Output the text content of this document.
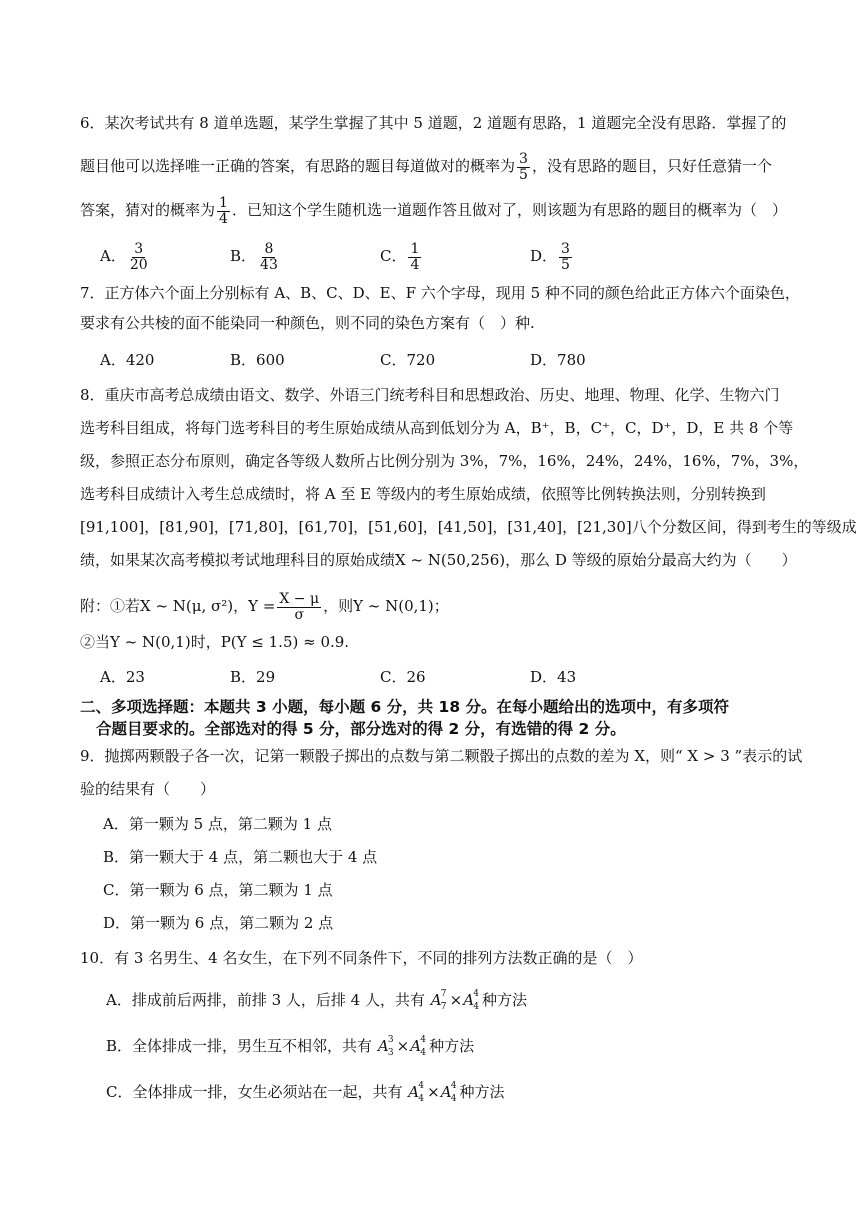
6．某次考试共有 8 道单选题，某学生掌握了其中 5 道题，2 道题有思路，1 道题完全没有思路．掌握了的
题目他可以选择唯一正确的答案，有思路的题目每道做对的概率为 $\frac{3}{5}$ ，没有思路的题目，只好任意猜一个
答案，猜对的概率为 $\frac{1}{4}$ ．已知这个学生随机选一道题作答且做对了，则该题为有思路的题目的概率为（　）
A． $\frac{3}{20}$	B． $\frac{8}{43}$	C． $\frac{1}{4}$	D． $\frac{3}{5}$
7．正方体六个面上分别标有 A、B、C、D、E、F 六个字母，现用 5 种不同的颜色给此正方体六个面染色，
要求有公共棱的面不能染同一种颜色，则不同的染色方案有（　）种.
A．420	B．600	C．720	D．780
8．重庆市高考总成绩由语文、数学、外语三门统考科目和思想政治、历史、地理、物理、化学、生物六门
选考科目组成，将每门选考科目的考生原始成绩从高到低划分为 A，B⁺，B，C⁺，C，D⁺，D，E 共 8 个等
级，参照正态分布原则，确定各等级人数所占比例分别为 3%，7%，16%，24%，24%，16%，7%，3%，
选考科目成绩计入考生总成绩时，将 A 至 E 等级内的考生原始成绩，依照等比例转换法则，分别转换到
[91,100]，[81,90]，[71,80]，[61,70]，[51,60]，[41,50]，[31,40]，[21,30]八个分数区间，得到考生的等级成
绩，如果某次高考模拟考试地理科目的原始成绩X ~ N(50,256)，那么 D 等级的原始分最高大约为（　　）
附：①若X ~ N(μ, σ²)，$Y = \frac{X - \mu}{\sigma}$ ，则Y ~ N(0,1)；
②当Y ~ N(0,1)时，P(Y ≤ 1.5) ≈ 0.9.
A．23	B．29	C．26	D．43
二、多项选择题：本题共 3 小题，每小题 6 分，共 18 分。在每小题给出的选项中，有多项符
合题目要求的。全部选对的得 5 分，部分选对的得 2 分，有选错的得 2 分。
9．抛掷两颗骰子各一次，记第一颗骰子掷出的点数与第二颗骰子掷出的点数的差为 X，则“ X > 3 ”表示的试
验的结果有（　　）
A．第一颗为 5 点，第二颗为 1 点
B．第一颗大于 4 点，第二颗也大于 4 点
C．第一颗为 6 点，第二颗为 1 点
D．第一颗为 6 点，第二颗为 2 点
10．有 3 名男生、4 名女生，在下列不同条件下，不同的排列方法数正确的是（　）
A．排成前后两排，前排 3 人，后排 4 人，共有 A 7
7 ×A 4
4 种方法
B．全体排成一排，男生互不相邻，共有 A 3
3 ×A 4
4 种方法
C．全体排成一排，女生必须站在一起，共有 A 4
4 ×A 4
4 种方法
